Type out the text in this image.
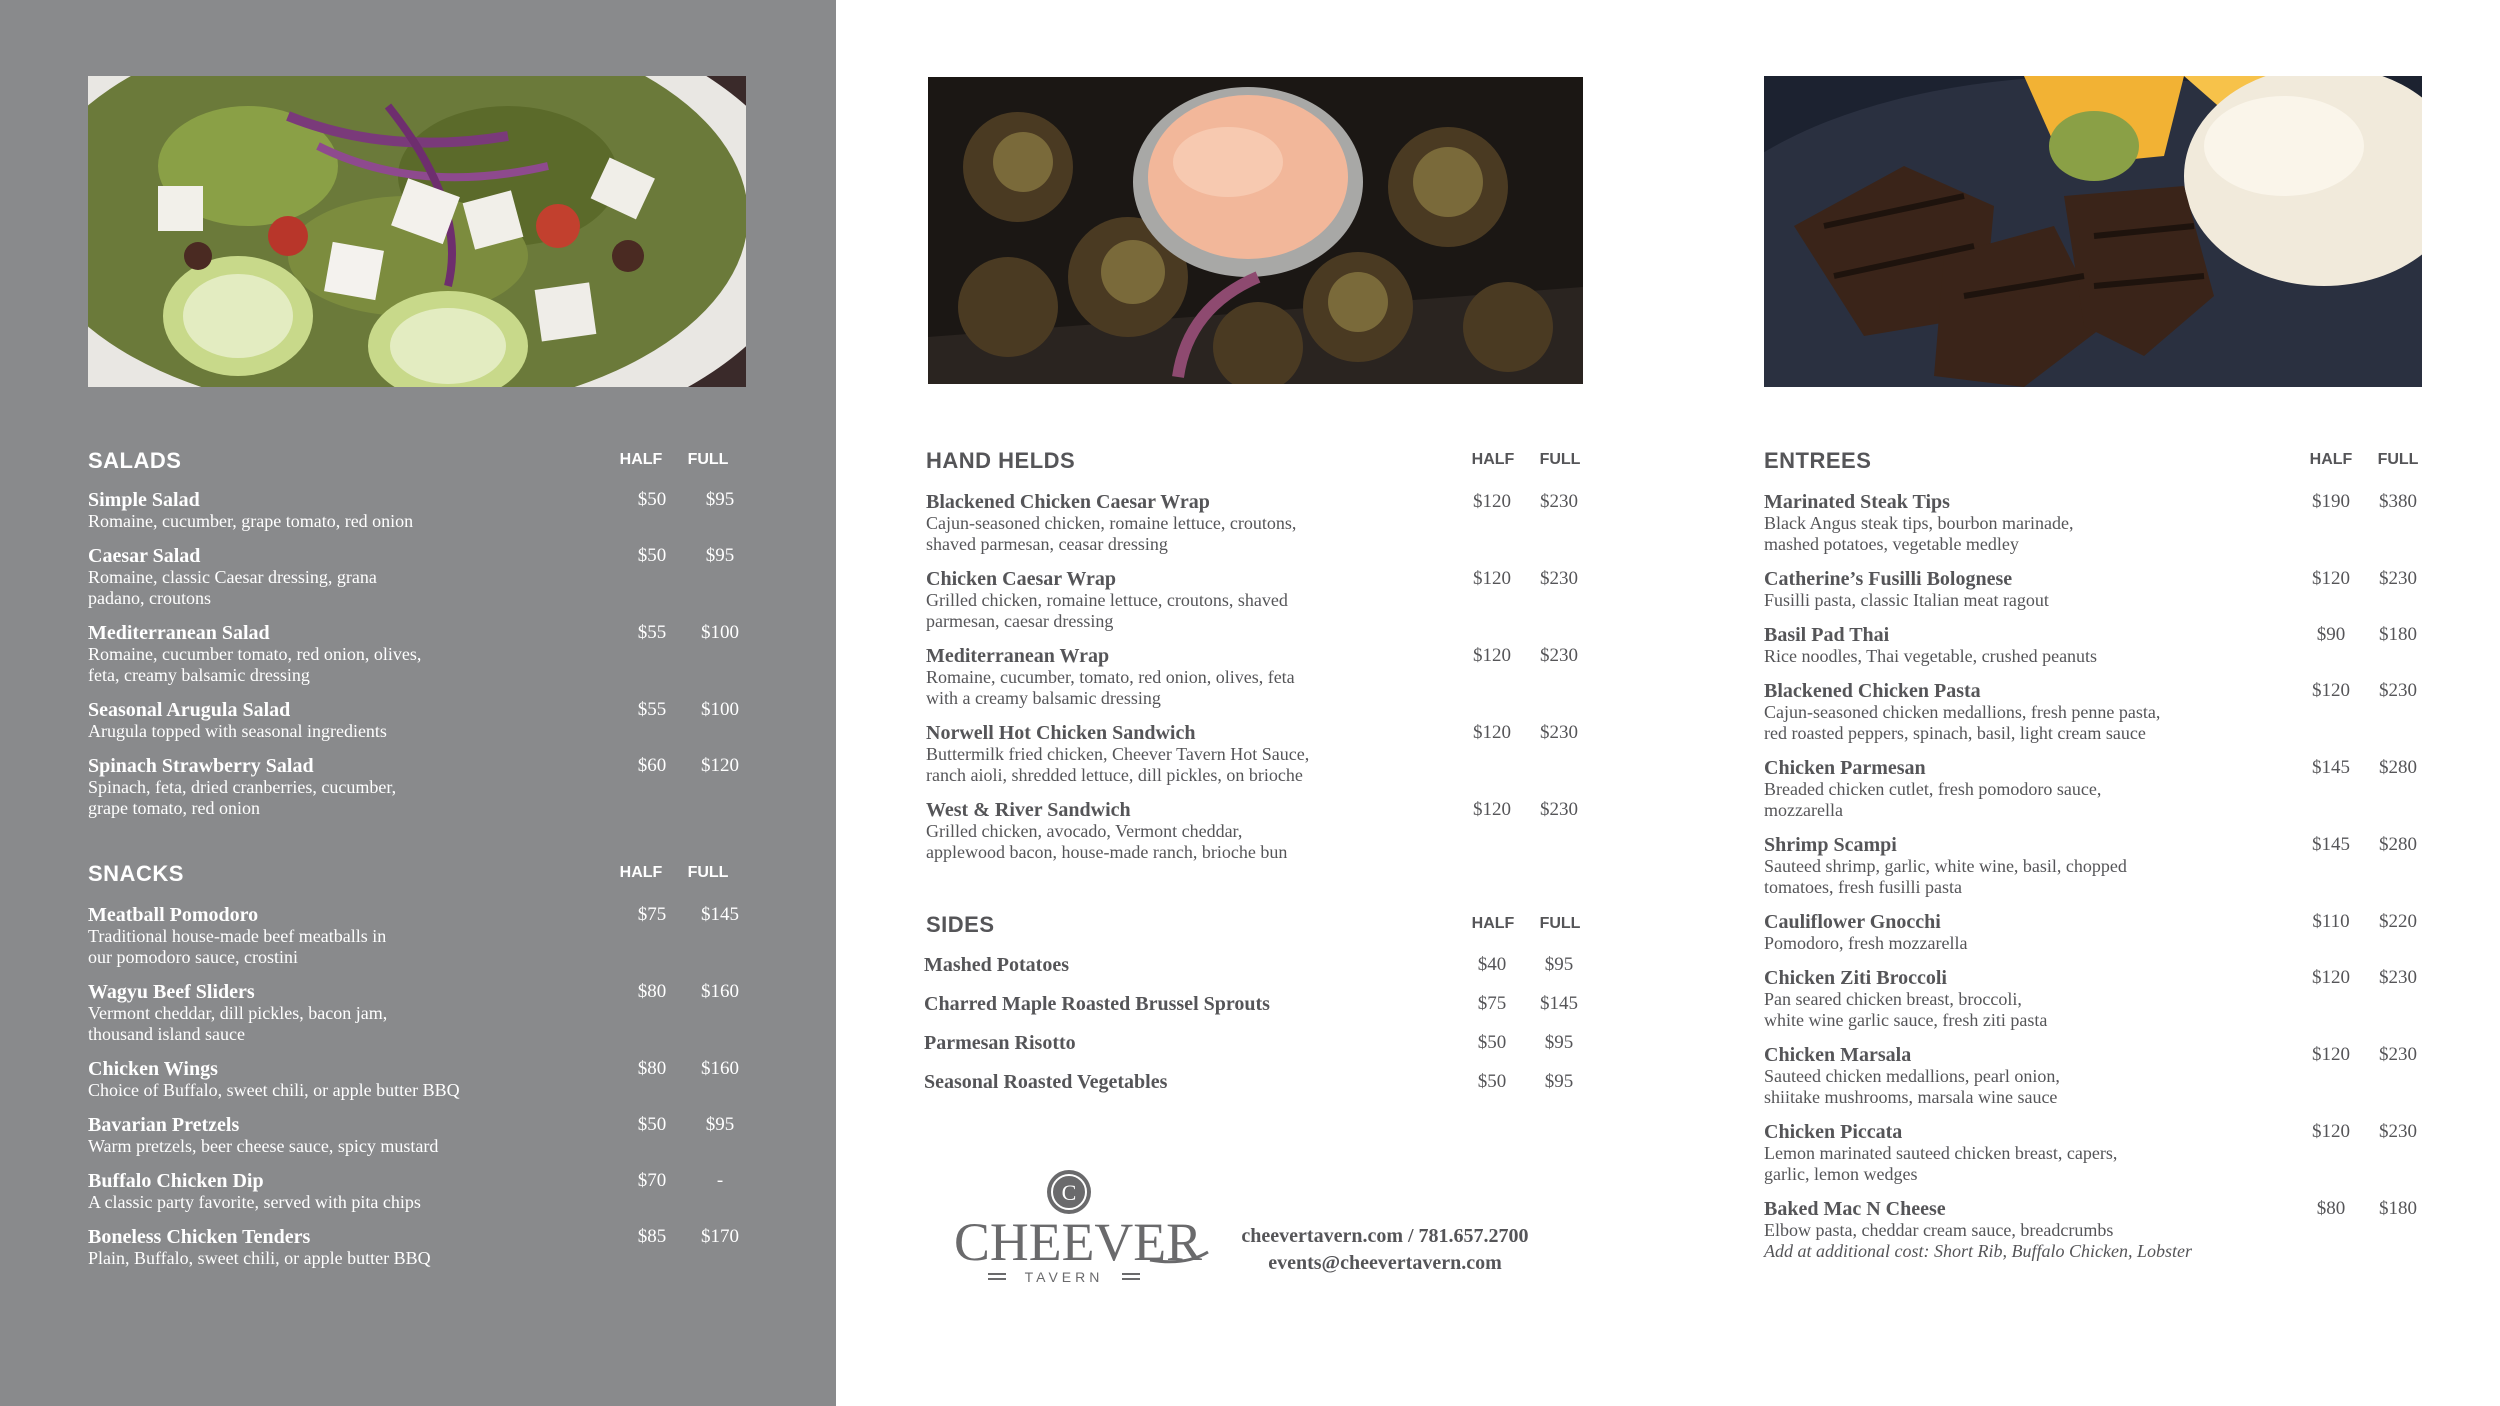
SALADS	HALF	FULL
Simple Salad
Romaine, cucumber, grape tomato, red onion
$50	$95
Caesar Salad
Romaine, classic Caesar dressing, grana
padano, croutons
$50	$95
Mediterranean Salad
Romaine, cucumber tomato, red onion, olives,
feta, creamy balsamic dressing
$55	$100
Seasonal Arugula Salad
Arugula topped with seasonal ingredients
$55	$100
Spinach Strawberry Salad
Spinach, feta, dried cranberries, cucumber,
grape tomato, red onion
$60	$120
SNACKS	HALF	FULL
Meatball Pomodoro
Traditional house-made beef meatballs in
our pomodoro sauce, crostini
$75	$145
Wagyu Beef Sliders
Vermont cheddar, dill pickles, bacon jam,
thousand island sauce
$80	$160
Chicken Wings
Choice of Buffalo, sweet chili, or apple butter BBQ
$80	$160
Bavarian Pretzels
Warm pretzels, beer cheese sauce, spicy mustard
$50	$95
Buffalo Chicken Dip
A classic party favorite, served with pita chips
$70	-
Boneless Chicken Tenders
Plain, Buffalo, sweet chili, or apple butter BBQ
$85	$170
HAND HELDS	HALF	FULL
Blackened Chicken Caesar Wrap
Cajun-seasoned chicken, romaine lettuce, croutons,
shaved parmesan, ceasar dressing
$120	$230
Chicken Caesar Wrap
Grilled chicken, romaine lettuce, croutons, shaved
parmesan, caesar dressing
$120	$230
Mediterranean Wrap
Romaine, cucumber, tomato, red onion, olives, feta
with a creamy balsamic dressing
$120	$230
Norwell Hot Chicken Sandwich
Buttermilk fried chicken, Cheever Tavern Hot Sauce,
ranch aioli, shredded lettuce, dill pickles, on brioche
$120	$230
West & River Sandwich
Grilled chicken, avocado, Vermont cheddar,
applewood bacon, house-made ranch, brioche bun
$120	$230
SIDES	HALF	FULL
Mashed Potatoes	$40	$95
Charred Maple Roasted Brussel Sprouts	$75	$145
Parmesan Risotto	$50	$95
Seasonal Roasted Vegetables	$50	$95
ENTREES	HALF	FULL
Marinated Steak Tips
Black Angus steak tips, bourbon marinade,
mashed potatoes, vegetable medley
$190	$380
Catherine’s Fusilli Bolognese
Fusilli pasta, classic Italian meat ragout
$120	$230
Basil Pad Thai
Rice noodles, Thai vegetable, crushed peanuts
$90	$180
Blackened Chicken Pasta
Cajun-seasoned chicken medallions, fresh penne pasta,
red roasted peppers, spinach, basil, light cream sauce
$120	$230
Chicken Parmesan
Breaded chicken cutlet, fresh pomodoro sauce,
mozzarella
$145	$280
Shrimp Scampi
Sauteed shrimp, garlic, white wine, basil, chopped
tomatoes, fresh fusilli pasta
$145	$280
Cauliflower Gnocchi
Pomodoro, fresh mozzarella
$110	$220
Chicken Ziti Broccoli
Pan seared chicken breast, broccoli,
white wine garlic sauce, fresh ziti pasta
$120	$230
Chicken Marsala
Sauteed chicken medallions, pearl onion,
shiitake mushrooms, marsala wine sauce
$120	$230
Chicken Piccata
Lemon marinated sauteed chicken breast, capers,
garlic, lemon wedges
$120	$230
Baked Mac N Cheese
Elbow pasta, cheddar cream sauce, breadcrumbs
Add at additional cost: Short Rib, Buffalo Chicken, Lobster
$80	$180
C
CHEEVER
TAVERN
cheevertavern.com / 781.657.2700
events@cheevertavern.com
